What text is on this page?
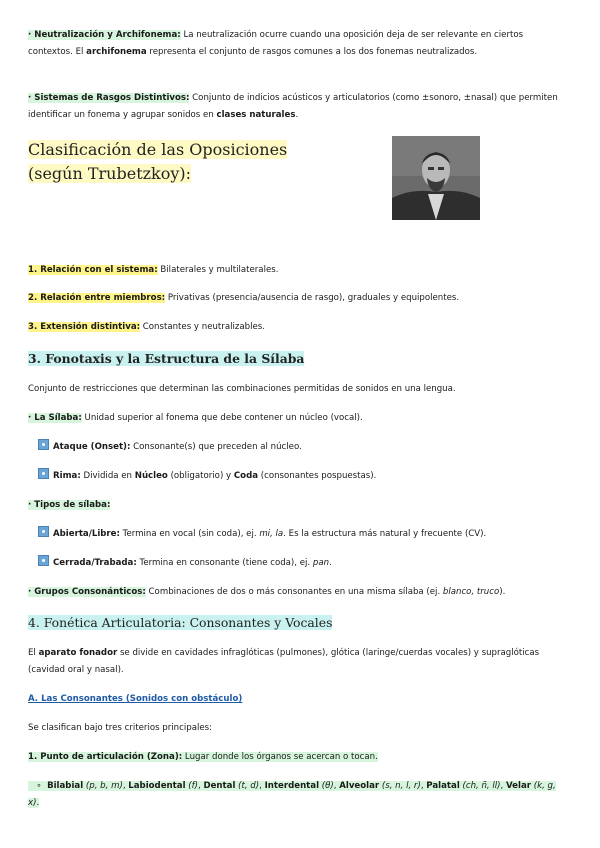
· Neutralización y Archifonema: La neutralización ocurre cuando una oposición deja de ser relevante en ciertos contextos. El archifonema representa el conjunto de rasgos comunes a los dos fonemas neutralizados.
· Sistemas de Rasgos Distintivos: Conjunto de indicios acústicos y articulatorios (como ±sonoro, ±nasal) que permiten identificar un fonema y agrupar sonidos en clases naturales.
Clasificación de las Oposiciones
(según Trubetzkoy):
1. Relación con el sistema: Bilaterales y multilaterales.
2. Relación entre miembros: Privativas (presencia/ausencia de rasgo), graduales y equipolentes.
3. Extensión distintiva: Constantes y neutralizables.
3. Fonotaxis y la Estructura de la Sílaba
Conjunto de restricciones que determinan las combinaciones permitidas de sonidos en una lengua.
· La Sílaba: Unidad superior al fonema que debe contener un núcleo (vocal).
Ataque (Onset): Consonante(s) que preceden al núcleo.
Rima: Dividida en Núcleo (obligatorio) y Coda (consonantes pospuestas).
· Tipos de sílaba:
Abierta/Libre: Termina en vocal (sin coda), ej. mi, la. Es la estructura más natural y frecuente (CV).
Cerrada/Trabada: Termina en consonante (tiene coda), ej. pan.
· Grupos Consonánticos: Combinaciones de dos o más consonantes en una misma sílaba (ej. blanco, truco).
4. Fonética Articulatoria: Consonantes y Vocales
El aparato fonador se divide en cavidades infraglóticas (pulmones), glótica (laringe/cuerdas vocales) y supraglóticas (cavidad oral y nasal).
A. Las Consonantes (Sonidos con obstáculo)
Se clasifican bajo tres criterios principales:
1. Punto de articulación (Zona): Lugar donde los órganos se acercan o tocan.
∘ Bilabial (p, b, m), Labiodental (f), Dental (t, d), Interdental (θ), Alveolar (s, n, l, r), Palatal (ch, ñ, ll), Velar (k, g, x).
